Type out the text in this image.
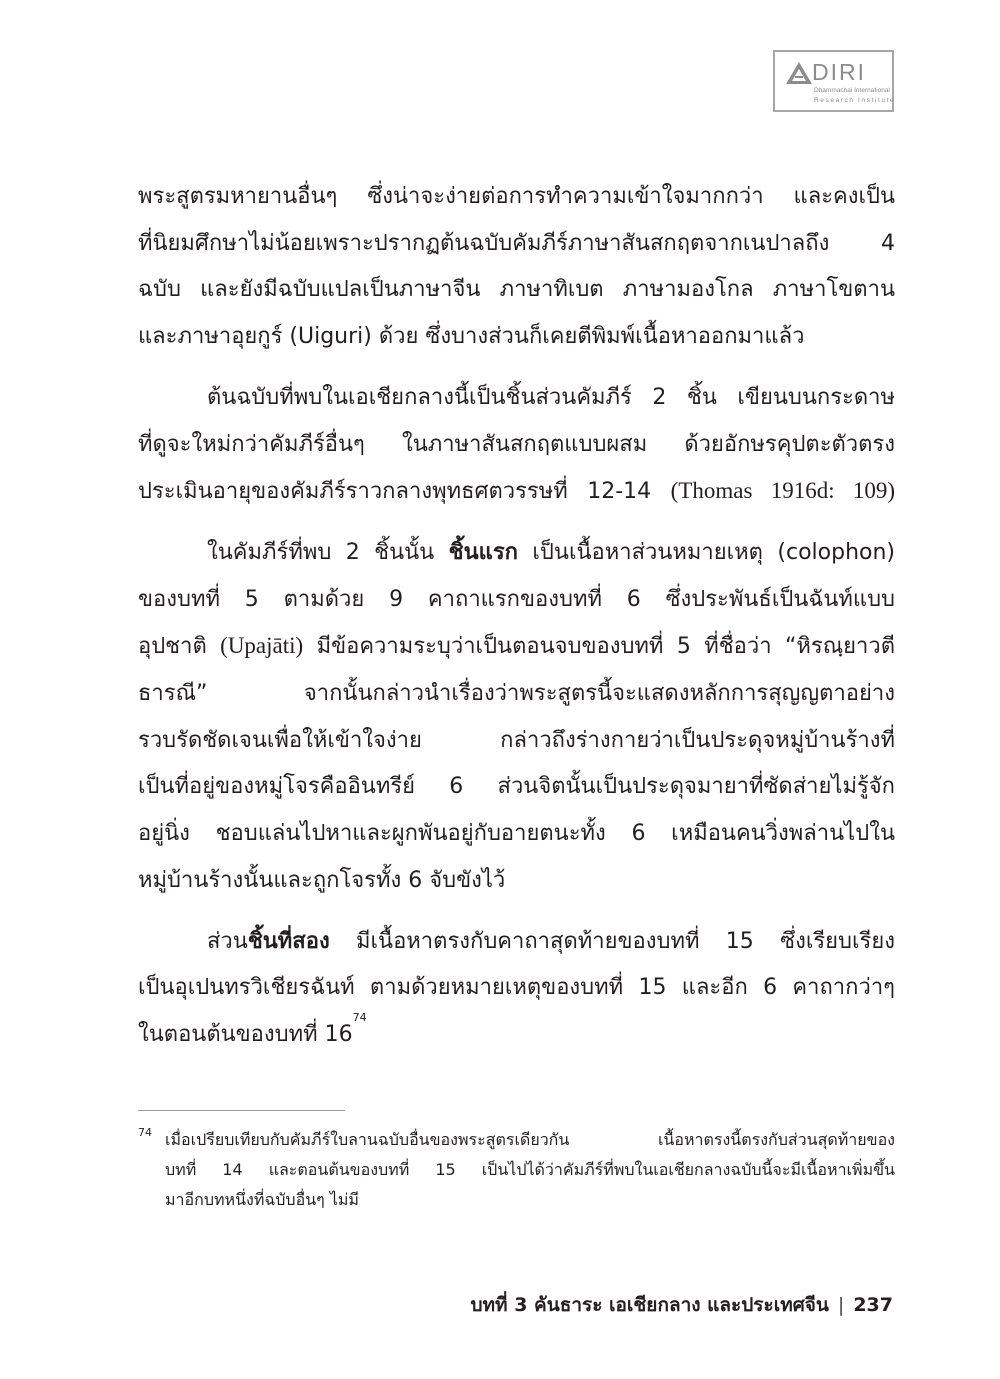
DIRI
Dhammachai International
Research Institute
พระสูตรมหายานอื่นๆ ซึ่งน่าจะง่ายต่อการทำความเข้าใจมากกว่า และคงเป็น
ที่นิยมศึกษาไม่น้อยเพราะปรากฏต้นฉบับคัมภีร์ภาษาสันสกฤตจากเนปาลถึง 4
ฉบับ และยังมีฉบับแปลเป็นภาษาจีน ภาษาทิเบต ภาษามองโกล ภาษาโขตาน
และภาษาอุยกูร์ (Uiguri) ด้วย ซึ่งบางส่วนก็เคยตีพิมพ์เนื้อหาออกมาแล้ว
ต้นฉบับที่พบในเอเชียกลางนี้เป็นชิ้นส่วนคัมภีร์ 2 ชิ้น เขียนบนกระดาษ
ที่ดูจะใหม่กว่าคัมภีร์อื่นๆ ในภาษาสันสกฤตแบบผสม ด้วยอักษรคุปตะตัวตรง
ประเมินอายุของคัมภีร์ราวกลางพุทธศตวรรษที่ 12-14 (Thomas 1916d: 109)
ในคัมภีร์ที่พบ 2 ชิ้นนั้น ชิ้นแรก เป็นเนื้อหาส่วนหมายเหตุ (colophon)
ของบทที่ 5 ตามด้วย 9 คาถาแรกของบทที่ 6 ซึ่งประพันธ์เป็นฉันท์แบบ
อุปชาติ (Upajāti) มีข้อความระบุว่าเป็นตอนจบของบทที่ 5 ที่ชื่อว่า “หิรณฺยาวตี
ธารณี” จากนั้นกล่าวนำเรื่องว่าพระสูตรนี้จะแสดงหลักการสุญญตาอย่าง
รวบรัดชัดเจนเพื่อให้เข้าใจง่าย กล่าวถึงร่างกายว่าเป็นประดุจหมู่บ้านร้างที่
เป็นที่อยู่ของหมู่โจรคืออินทรีย์ 6 ส่วนจิตนั้นเป็นประดุจมายาที่ซัดส่ายไม่รู้จัก
อยู่นิ่ง ชอบแล่นไปหาและผูกพันอยู่กับอายตนะทั้ง 6 เหมือนคนวิ่งพล่านไปใน
หมู่บ้านร้างนั้นและถูกโจรทั้ง 6 จับขังไว้
ส่วนชิ้นที่สอง มีเนื้อหาตรงกับคาถาสุดท้ายของบทที่ 15 ซึ่งเรียบเรียง
เป็นอุเปนทรวิเชียรฉันท์ ตามด้วยหมายเหตุของบทที่ 15 และอีก 6 คาถากว่าๆ
ในตอนต้นของบทที่ 16$^{74}$
74 เมื่อเปรียบเทียบกับคัมภีร์ใบลานฉบับอื่นของพระสูตรเดียวกัน เนื้อหาตรงนี้ตรงกับส่วนสุดท้ายของ
บทที่ 14 และตอนต้นของบทที่ 15 เป็นไปได้ว่าคัมภีร์ที่พบในเอเชียกลางฉบับนี้จะมีเนื้อหาเพิ่มขึ้น
มาอีกบทหนึ่งที่ฉบับอื่นๆ ไม่มี
บทที่ 3 คันธาระ เอเชียกลาง และประเทศจีน | 237
